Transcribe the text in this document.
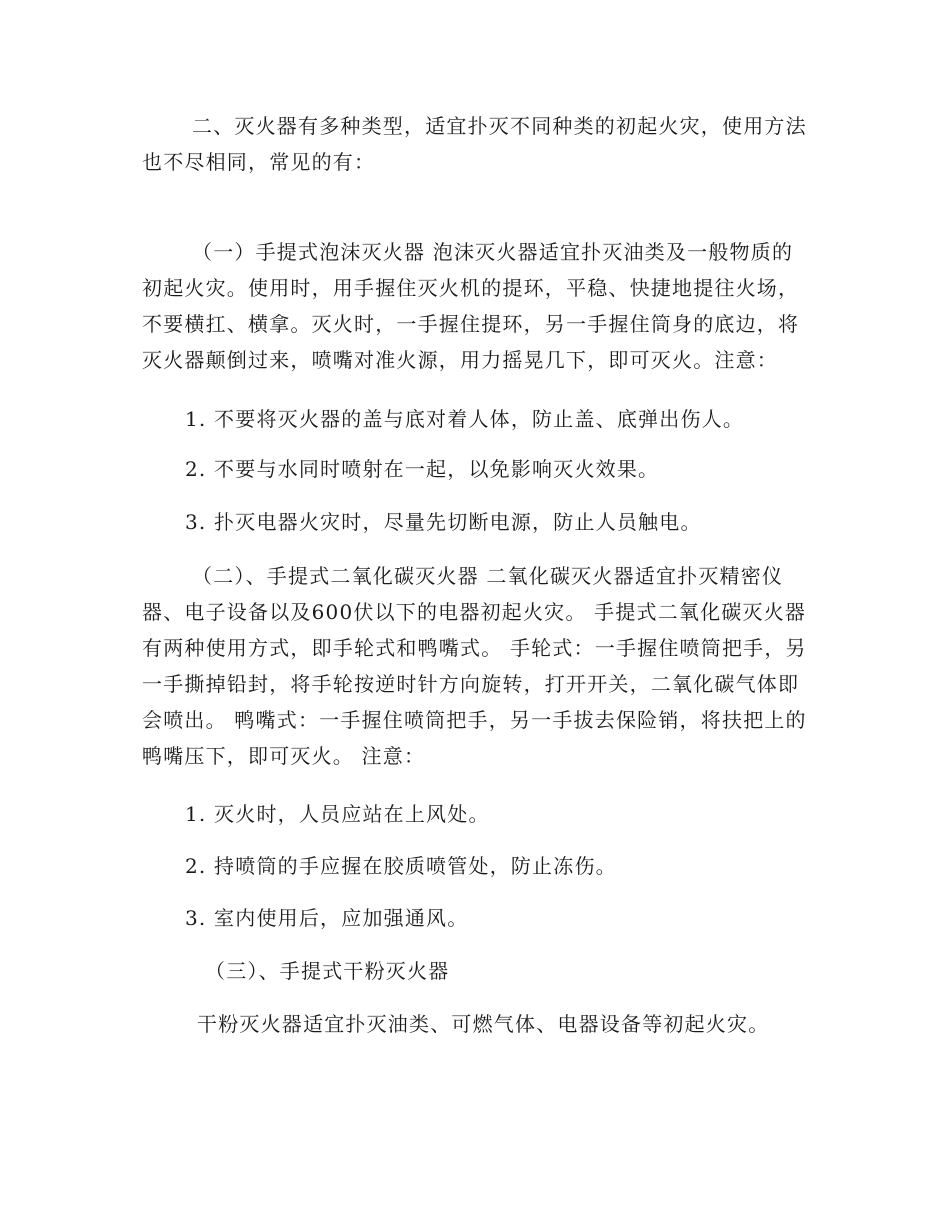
二、灭火器有多种类型，适宜扑灭不同种类的初起火灾，使用方法也不尽相同，常见的有：

（一）手提式泡沫灭火器 泡沫灭火器适宜扑灭油类及一般物质的初起火灾。使用时，用手握住灭火机的提环，平稳、快捷地提往火场，不要横扛、横拿。灭火时，一手握住提环，另一手握住筒身的底边，将灭火器颠倒过来，喷嘴对准火源，用力摇晃几下，即可灭火。注意：

1. 不要将灭火器的盖与底对着人体，防止盖、底弹出伤人。

2. 不要与水同时喷射在一起，以免影响灭火效果。

3. 扑灭电器火灾时，尽量先切断电源，防止人员触电。

（二）、手提式二氧化碳灭火器 二氧化碳灭火器适宜扑灭精密仪器、电子设备以及600伏以下的电器初起火灾。 手提式二氧化碳灭火器有两种使用方式，即手轮式和鸭嘴式。 手轮式：一手握住喷筒把手，另一手撕掉铅封，将手轮按逆时针方向旋转，打开开关，二氧化碳气体即会喷出。 鸭嘴式：一手握住喷筒把手，另一手拔去保险销，将扶把上的鸭嘴压下，即可灭火。 注意：

1. 灭火时，人员应站在上风处。

2. 持喷筒的手应握在胶质喷管处，防止冻伤。

3. 室内使用后，应加强通风。

（三）、手提式干粉灭火器

干粉灭火器适宜扑灭油类、可燃气体、电器设备等初起火灾。
